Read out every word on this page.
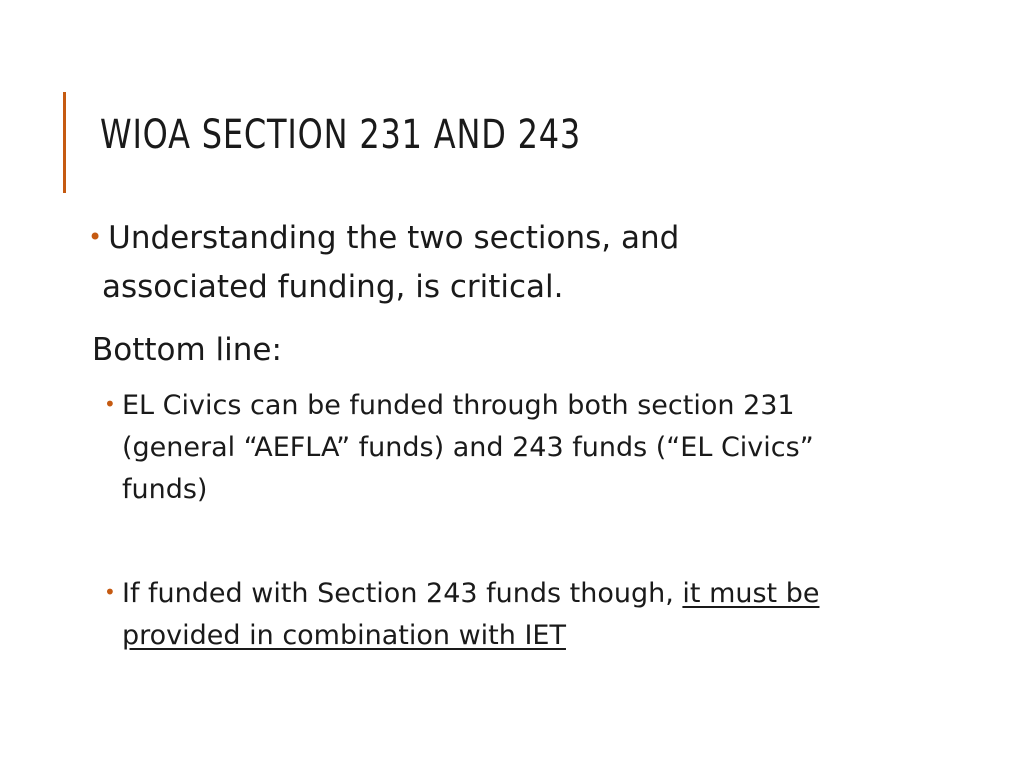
WIOA SECTION 231 AND 243

• Understanding the two sections, and
associated funding, is critical.

Bottom line:

• EL Civics can be funded through both section 231 (general “AEFLA” funds) and 243 funds (“EL Civics” funds)
• If funded with Section 243 funds though, it must be provided in combination with IET
